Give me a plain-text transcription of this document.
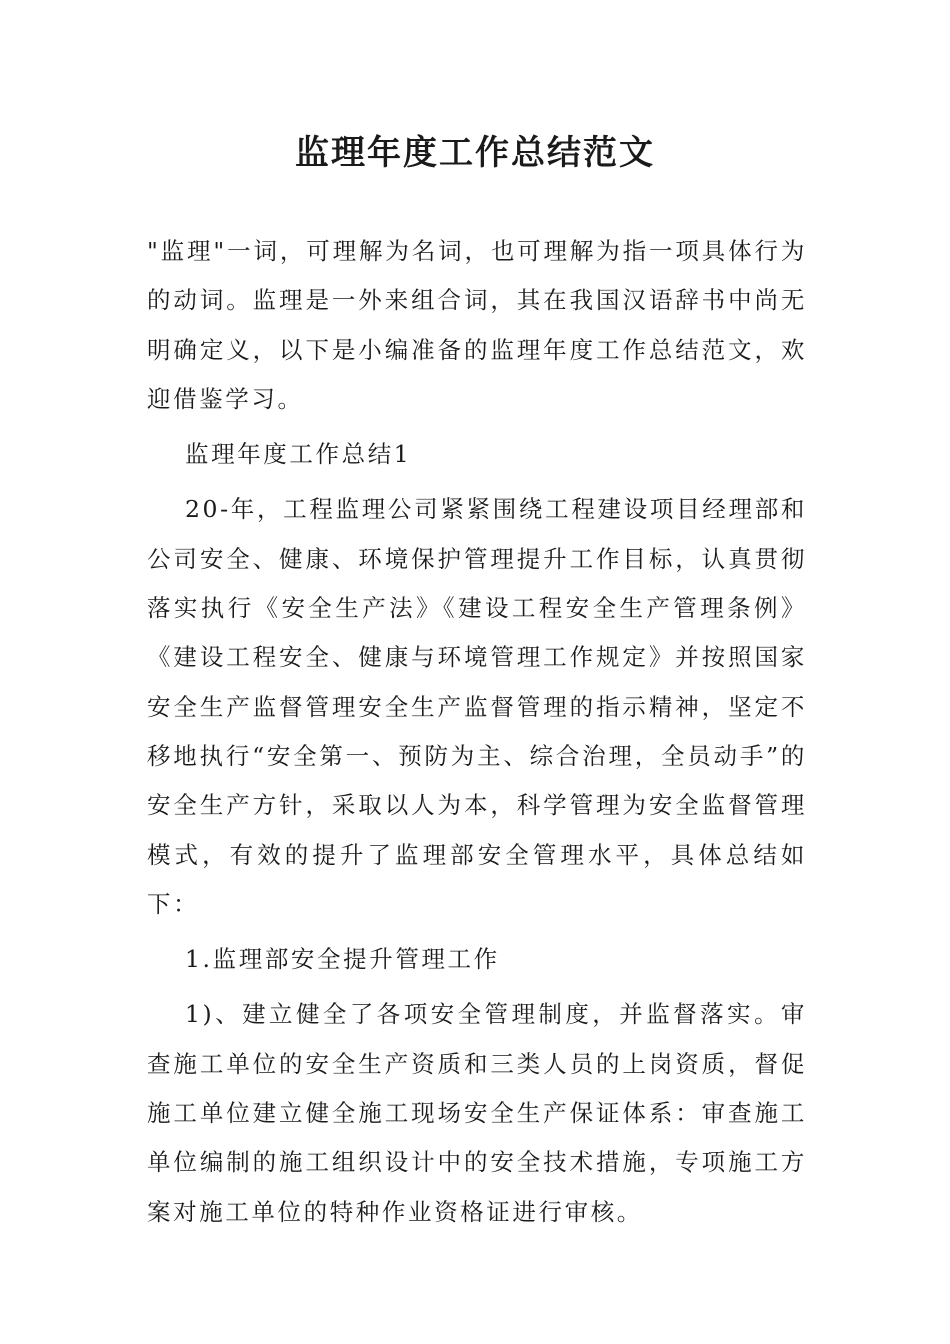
监理年度工作总结范文

"监理"一词，可理解为名词，也可理解为指一项具体行为的动词。监理是一外来组合词，其在我国汉语辞书中尚无明确定义，以下是小编准备的监理年度工作总结范文，欢迎借鉴学习。

监理年度工作总结1

20-年，工程监理公司紧紧围绕工程建设项目经理部和公司安全、健康、环境保护管理提升工作目标，认真贯彻落实执行《安全生产法》《建设工程安全生产管理条例》《建设工程安全、健康与环境管理工作规定》并按照国家安全生产监督管理安全生产监督管理的指示精神，坚定不移地执行“安全第一、预防为主、综合治理，全员动手”的安全生产方针，采取以人为本，科学管理为安全监督管理模式，有效的提升了监理部安全管理水平，具体总结如下：

1.监理部安全提升管理工作

1)、建立健全了各项安全管理制度，并监督落实。审查施工单位的安全生产资质和三类人员的上岗资质，督促施工单位建立健全施工现场安全生产保证体系：审查施工单位编制的施工组织设计中的安全技术措施，专项施工方案对施工单位的特种作业资格证进行审核。
